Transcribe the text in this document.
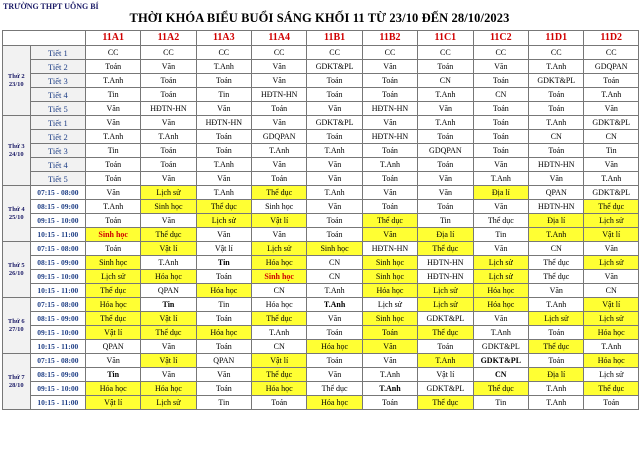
TRƯỜNG THPT UÔNG BÍ
THỜI KHÓA BIỂU BUỔI SÁNG KHỐI 11 TỪ 23/10 ĐẾN 28/10/2023
		11A1	11A2	11A3	11A4	11B1	11B2	11C1	11C2	11D1	11D2
Thứ 2 23/10	Tiết 1	CC	CC	CC	CC	CC	CC	CC	CC	CC	CC
	Tiết 2	Toán	Văn	T.Anh	Văn	GDKT&PL	Văn	Toán	Văn	T.Anh	GDQPAN
	Tiết 3	T.Anh	Toán	Toán	Văn	Toán	Toán	CN	Toán	GDKT&PL	Toán
	Tiết 4	Tin	Toán	Tin	HĐTN-HN	Toán	Toán	T.Anh	CN	Toán	T.Anh
	Tiết 5	Văn	HĐTN-HN	Văn	Toán	Văn	HĐTN-HN	Văn	Toán	Toán	Văn
Thứ 3 24/10	Tiết 1	Văn	Văn	HĐTN-HN	Văn	GDKT&PL	Văn	T.Anh	Toán	T.Anh	GDKT&PL
	Tiết 2	T.Anh	T.Anh	Toán	GDQPAN	Toán	HĐTN-HN	Toán	Toán	CN	CN
	Tiết 3	Tin	Toán	Toán	T.Anh	T.Anh	Toán	GDQPAN	Toán	Toán	Tin
	Tiết 4	Toán	Toán	T.Anh	Văn	Văn	T.Anh	Toán	Văn	HĐTN-HN	Văn
	Tiết 5	Toán	Văn	Văn	Toán	Văn	Toán	Văn	T.Anh	Văn	T.Anh
Thứ 4 25/10	07:15 - 08:00	Văn	Lịch sử	T.Anh	Thể dục	T.Anh	Văn	Văn	Địa lí	QPAN	GDKT&PL
	08:15 - 09:00	T.Anh	Sinh học	Thể dục	Sinh học	Văn	Toán	Toán	Văn	HĐTN-HN	Thể dục
	09:15 - 10:00	Toán	Văn	Lịch sử	Vật lí	Toán	Thể dục	Tin	Thể dục	Địa lí	Lịch sử
	10:15 - 11:00	Sinh học	Thể dục	Văn	Văn	Toán	Văn	Địa lí	Tin	T.Anh	Vật lí
Thứ 5 26/10	07:15 - 08:00	Toán	Vật lí	Vật lí	Lịch sử	Sinh học	HĐTN-HN	Thể dục	Văn	CN	Văn
	08:15 - 09:00	Sinh học	T.Anh	Tin	Hóa học	CN	Sinh học	HĐTN-HN	Lịch sử	Thể dục	Lịch sử
	09:15 - 10:00	Lịch sử	Hóa học	Toán	Sinh học	CN	Sinh học	HĐTN-HN	Lịch sử	Thể dục	Văn
	10:15 - 11:00	Thể dục	QPAN	Hóa học	CN	T.Anh	Hóa học	Lịch sử	Hóa học	Văn	CN
Thứ 6 27/10	07:15 - 08:00	Hóa học	Tin	Tin	Hóa học	T.Anh	Lịch sử	Lịch sử	Hóa học	T.Anh	Vật lí
	08:15 - 09:00	Thể dục	Vật lí	Toán	Thể dục	Văn	Sinh học	GDKT&PL	Văn	Lịch sử	Lịch sử
	09:15 - 10:00	Vật lí	Thể dục	Hóa học	T.Anh	Toán	Toán	Thể dục	T.Anh	Toán	Hóa học
	10:15 - 11:00	QPAN	Văn	Toán	CN	Hóa học	Văn	Toán	GDKT&PL	Thể dục	T.Anh
Thứ 7 28/10	07:15 - 08:00	Văn	Vật lí	QPAN	Vật lí	Toán	Văn	T.Anh	GDKT&PL	Toán	Hóa học
	08:15 - 09:00	Tin	Văn	Văn	Thể dục	Văn	T.Anh	Vật lí	CN	Địa lí	Lịch sử
	09:15 - 10:00	Hóa học	Hóa học	Toán	Hóa học	Thể dục	T.Anh	GDKT&PL	Thể dục	T.Anh	Thể dục
	10:15 - 11:00	Vật lí	Lịch sử	Tin	Toán	Hóa học	Toán	Thể dục	Tin	T.Anh	Toán
